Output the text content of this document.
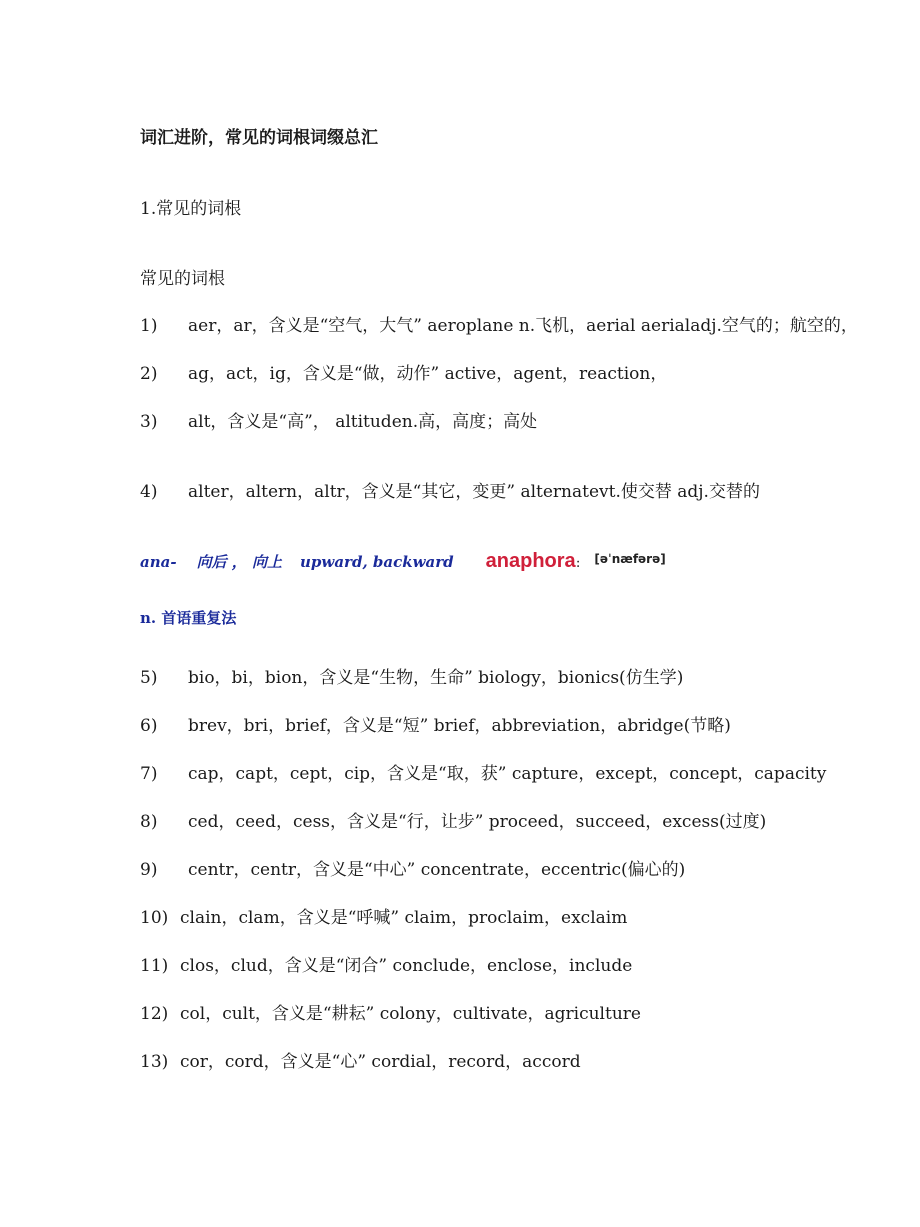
词汇进阶，常见的词根词缀总汇
1.常见的词根
常见的词根
1) aer，ar，含义是“空气，大气” aeroplane n.飞机，aerial aerialadj.空气的；航空的，
2) ag，act，ig，含义是“做，动作” active，agent，reaction，
3) alt，含义是“高”， altituden.高，高度；高处
4) alter，altern，altr，含义是“其它，变更” alternatevt.使交替 adj.交替的
ana- 向后 ， 向上 upward, backward anaphora: [əˈnæfərə]
n. 首语重复法
5) bio，bi，bion，含义是“生物，生命” biology，bionics(仿生学)
6) brev，bri，brief，含义是“短” brief，abbreviation，abridge(节略)
7) cap，capt，cept，cip，含义是“取，获” capture，except，concept，capacity
8) ced，ceed，cess，含义是“行，让步” proceed，succeed，excess(过度)
9) centr，centr，含义是“中心” concentrate，eccentric(偏心的)
10) clain，clam，含义是“呼喊” claim，proclaim，exclaim
11) clos，clud，含义是“闭合” conclude，enclose，include
12) col，cult，含义是“耕耘” colony，cultivate，agriculture
13) cor，cord，含义是“心” cordial，record，accord
